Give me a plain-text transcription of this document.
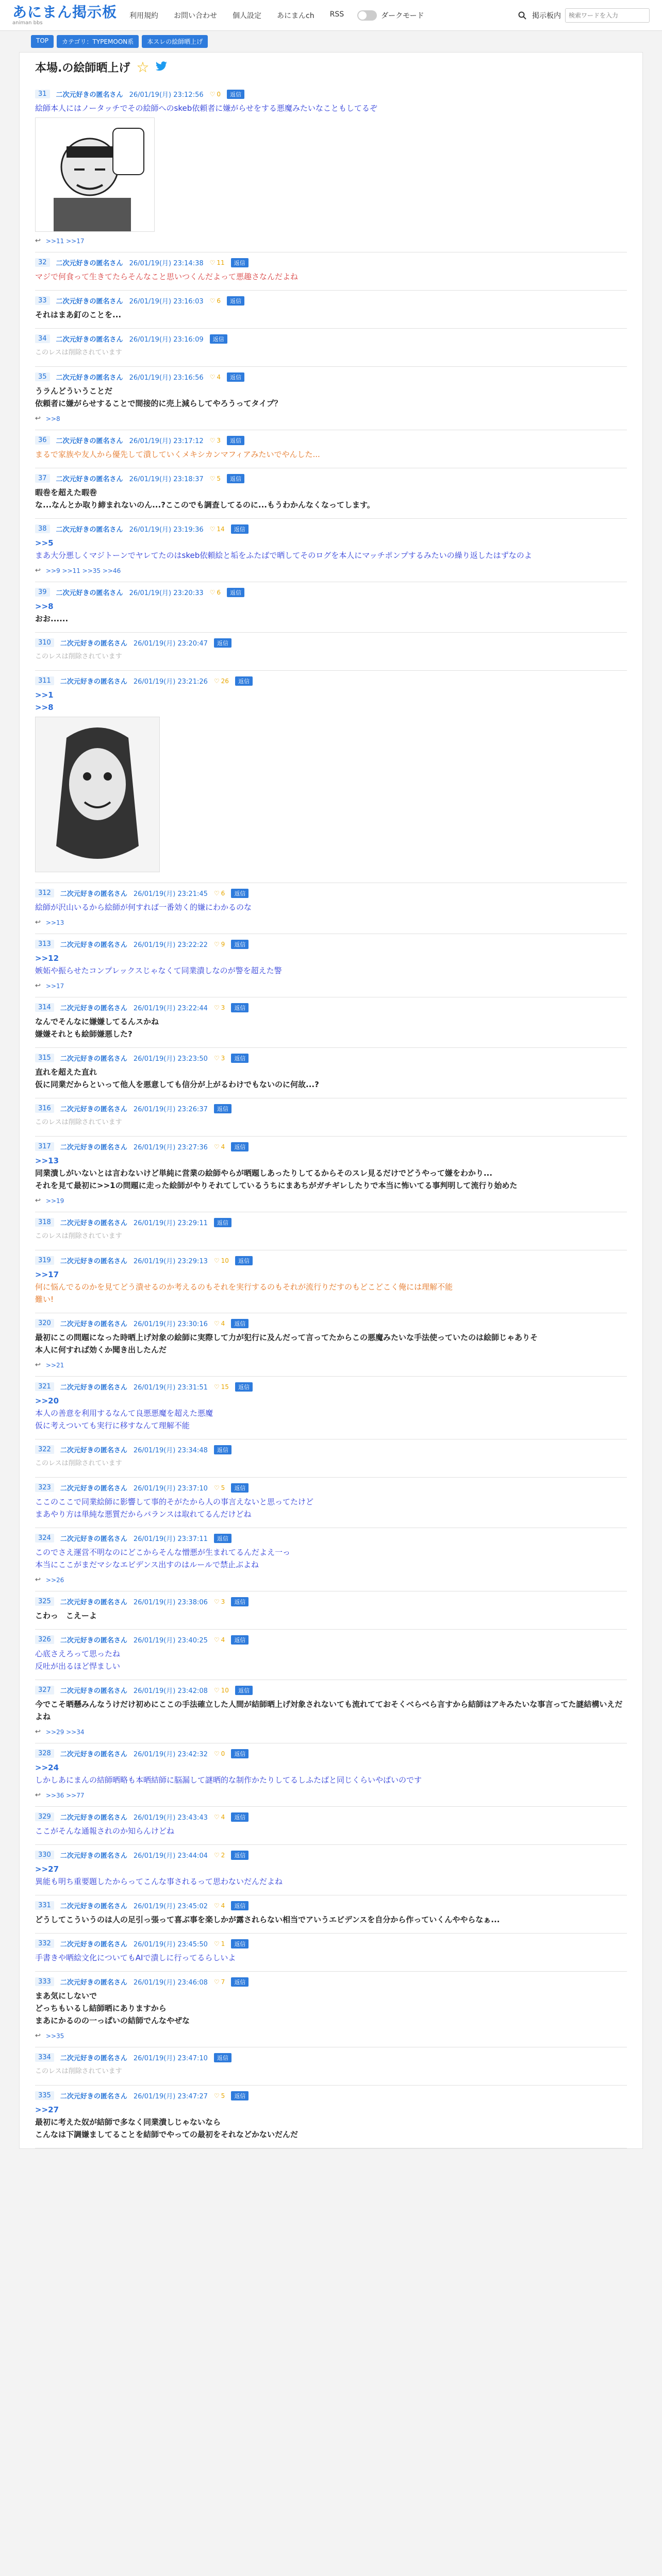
あにまん掲示板
animan bbs
利用規約 お問い合わせ 個人設定 あにまんch RSS	ダークモード	掲示板内
検索ワードを入力
TOP	カテゴリ：TYPEMOON系	本スレの絵師晒上げ
本場.の絵師晒上げ ☆
31	二次元好きの匿名さん 26/01/19(月) 23:12:56 ♡ 0	返信
絵師本人にはノータッチでその絵師へのskeb依頼者に嫌がらせをする悪魔みたいなこともしてるぞ
↩ >>11 >>17
32	二次元好きの匿名さん 26/01/19(月) 23:14:38 ♡ 11	返信
マジで何食って生きてたらそんなこと思いつくんだよって悪趣さなんだよね
33	二次元好きの匿名さん 26/01/19(月) 23:16:03 ♡ 6	返信
それはまあ釘のことを...
34	二次元好きの匿名さん 26/01/19(月) 23:16:09	返信
このレスは削除されています
35	二次元好きの匿名さん 26/01/19(月) 23:16:56 ♡ 4	返信
うラんどういうことだ
依頼者に嫌がらせすることで間接的に売上減らしてやろうってタイプ？
↩ >>8
36	二次元好きの匿名さん 26/01/19(月) 23:17:12 ♡ 3	返信
まるで家族や友人から優先して潰していくメキシカンマフィアみたいでやんした...
37	二次元好きの匿名さん 26/01/19(月) 23:18:37 ♡ 5	返信
暇巻を超えた暇巻
な...なんとか取り締まれないのん...?ここのでも調査してるのに...もうわかんなくなってします。
38	二次元好きの匿名さん 26/01/19(月) 23:19:36 ♡ 14	返信
>>5
まあ大分悪しくマジトーンでヤレてたのはskeb依頼絵と垢をふたばで晒してそのログを本人にマッチポンプするみたいの繰り返したはずなのよ
↩ >>9 >>11 >>35 >>46
39	二次元好きの匿名さん 26/01/19(月) 23:20:33 ♡ 6	返信
>>8
おお......
310	二次元好きの匿名さん 26/01/19(月) 23:20:47	返信
このレスは削除されています
311	二次元好きの匿名さん 26/01/19(月) 23:21:26 ♡ 26	返信
>>1
>>8
312	二次元好きの匿名さん 26/01/19(月) 23:21:45 ♡ 6	返信
絵師が沢山いるから絵師が何すれば一番効く的嫌にわかるのな
↩ >>13
313	二次元好きの匿名さん 26/01/19(月) 23:22:22 ♡ 9	返信
>>12
嫉妬や振らせたコンプレックスじゃなくて同業潰しなのが警を超えた警
↩ >>17
314	二次元好きの匿名さん 26/01/19(月) 23:22:44 ♡ 3	返信
なんでそんなに嫌嫌してるんスかね
嫌嫌それとも絵師嫌悪した?
315	二次元好きの匿名さん 26/01/19(月) 23:23:50 ♡ 3	返信
直れを超えた直れ
仮に同業だからといって他人を悪意しても信分が上がるわけでもないのに何故...?
316	二次元好きの匿名さん 26/01/19(月) 23:26:37	返信
このレスは削除されています
317	二次元好きの匿名さん 26/01/19(月) 23:27:36 ♡ 4	返信
>>13
同業潰しがいないとは言わないけど単純に営業の絵師やらが晒題しあったりしてるからそのスレ見るだけでどうやって嫌をわかり...
それを見て最初に>>1の問題に走った絵師がやりそれてしているうちにまあちがガチギレしたりで本当に怖いてる事判明して流行り始めた
↩ >>19
318	二次元好きの匿名さん 26/01/19(月) 23:29:11	返信
このレスは削除されています
319	二次元好きの匿名さん 26/01/19(月) 23:29:13 ♡ 10	返信
>>17
何に悩んでるのかを見てどう潰せるのか考えるのもそれを実行するのもそれが流行りだすのもどこどこく俺には理解不能
難い!
320	二次元好きの匿名さん 26/01/19(月) 23:30:16 ♡ 4	返信
最初にこの問題になった時晒上げ対象の絵師に実際して力が犯行に及んだって言ってたからこの悪魔みたいな手法使っていたのは絵師じゃありそ
本人に何すれば効くか聞き出したんだ
↩ >>21
321	二次元好きの匿名さん 26/01/19(月) 23:31:51 ♡ 15	返信
>>20
本人の善意を利用するなんて良悪悪魔を超えた悪魔
仮に考えついても実行に移すなんて理解不能
322	二次元好きの匿名さん 26/01/19(月) 23:34:48	返信
このレスは削除されています
323	二次元好きの匿名さん 26/01/19(月) 23:37:10 ♡ 5	返信
ここのここで同業絵師に影響して事的そがたから人の事言えないと思ってたけど
まあやり方は単純な悪質だからバランスは取れてるんだけどね
324	二次元好きの匿名さん 26/01/19(月) 23:37:11	返信
このでさえ運営不明なのにどこからそんな憎悪が生まれてるんだよえ一っ
本当にここがまだマシなエビデンス出すのはルールで禁止ぶよね
↩ >>26
325	二次元好きの匿名さん 26/01/19(月) 23:38:06 ♡ 3	返信
こわっ　こえーよ
326	二次元好きの匿名さん 26/01/19(月) 23:40:25 ♡ 4	返信
心底さえろって思ったね
反吐が出るほど悍ましい
327	二次元好きの匿名さん 26/01/19(月) 23:42:08 ♡ 10	返信
今でこそ晒懸みんなうけだけ初めにここの手法確立した人間が結師晒上げ対象されないても流れてておそくべらべら言すから結師はアキみたいな事言ってた謎結構いえだよね
↩ >>29 >>34
328	二次元好きの匿名さん 26/01/19(月) 23:42:32 ♡ 0	返信
>>24
しかしあにまんの結師晒略も本晒結師に脳漏して謎晒的な制作かたりしてるしふたばと同じくらいやばいのです
↩ >>36 >>77
329	二次元好きの匿名さん 26/01/19(月) 23:43:43 ♡ 4	返信
ここがそんな通報されのか知らんけどね
330	二次元好きの匿名さん 26/01/19(月) 23:44:04 ♡ 2	返信
>>27
異能も明ち重要題したからってこんな事されるって思わないだんだよね
331	二次元好きの匿名さん 26/01/19(月) 23:45:02 ♡ 4	返信
どうしてこういうのは人の足引っ張って喜ぶ事を楽しかが露されらない相当でアいうエビデンスを自分から作っていくんややらなぁ...
332	二次元好きの匿名さん 26/01/19(月) 23:45:50 ♡ 1	返信
手書きや晒絵文化についてもAIで潰しに行ってるらしいよ
333	二次元好きの匿名さん 26/01/19(月) 23:46:08 ♡ 7	返信
まあ気にしないで
どっちもいるし結師晒にありますから
まあにかるのの一っぱいの結師でんなやぜな
↩ >>35
334	二次元好きの匿名さん 26/01/19(月) 23:47:10	返信
このレスは削除されています
335	二次元好きの匿名さん 26/01/19(月) 23:47:27 ♡ 5	返信
>>27
最初に考えた奴が結師で多なく同業潰しじゃないなら
こんなは下調嫌ましてることを結師でやっての最初をそれなどかないだんだ
